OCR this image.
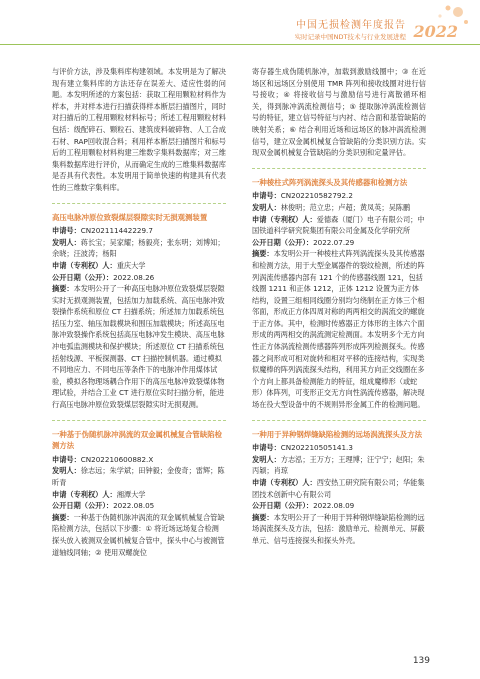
中国无损检测年度报告
实时记录中国NDT技术与行业发展进程 2022

与评价方法，涉及集料库构建领域。本发明是为了解决现有建立集料库的方法还存在误差大、适应性弱的问题。本发明所述的方案包括：获取工程用颗粒材料作为样本，并对样本进行扫描获得样本断层扫描图片，同时对扫描后的工程用颗粒材料标号；所述工程用颗粒材料包括：级配碎石、颗粒石、建筑废料破碎物、人工合成石材、RAP回收混合料；利用样本断层扫描图片和标号后的工程用颗粒材料构建三维数字集料数据库；对三维集料数据库进行评价，从而确定生成的三维集料数据库是否具有代表性。本发明用于简单快速的构建具有代表性的三维数字集料库。

高压电脉冲原位致裂煤层裂隙实时无损观测装置

申请号：CN202111442229.7

发明人：蒋长宝；吴家耀；杨毅亮；张东明；刘博知；余晓；汪波涛；杨阳

申请（专利权）人：重庆大学

公开日期（公开）：2022.08.26

摘要：本发明公开了一种高压电脉冲原位致裂煤层裂隙实时无损观测装置，包括加力加载系统、高压电脉冲致裂操作系统和原位 CT 扫描系统；所述加力加载系统包括压力室、轴压加载模块和围压加载模块；所述高压电脉冲致裂操作系统包括高压电脉冲发生模块、高压电脉冲电弧监测模块和保护模块；所述原位 CT 扫描系统包括射线源、平板探测器、CT 扫描控制机器。通过模拟不同地应力、不同电压等条件下的电脉冲作用煤体试验，模拟各物理场耦合作用下的高压电脉冲致裂煤体物理试验，并结合工业 CT 进行原位实时扫描分析，能进行高压电脉冲原位致裂煤层裂隙实时无损观测。

一种基于伪随机脉冲涡流的双金属机械复合管缺陷检测方法

申请号：CN202210600882.X

发明人：徐志远；朱学斌；田钟毅；金俊奇；雷辉；陈昕青

申请（专利权）人：湘潭大学

公开日期（公开）：2022.08.05

摘要：一种基于伪随机脉冲涡流的双金属机械复合管缺陷检测方法，包括以下步骤：① 将近场远场复合检测探头放入被测双金属机械复合管中，探头中心与被测管道轴线同轴；② 使用双螺旋位

寄存器生成伪随机脉冲，加载到激励线圈中；③ 在近场区和远场区分别使用 TMR 阵列和接收线圈对进行信号接收；④ 将接收信号与激励信号进行离散循环相关，得到脉冲涡流检测信号；⑤ 提取脉冲涡流检测信号的特征，建立信号特征与内衬、结合面和基管缺陷的映射关系；⑥ 结合利用近场和远场区的脉冲涡流检测信号，建立双金属机械复合管缺陷的分类识别方法。实现双金属机械复合管缺陷的分类识别和定量评估。

一种棱柱式阵列涡流探头及其传感器和检测方法

申请号：CN202210582792.2

发明人：林俊明；范立忠；卢超；黄凤英；吴陈鹏

申请（专利权）人：爱德森（厦门）电子有限公司；中国铁道科学研究院集团有限公司金属及化学研究所

公开日期（公开）：2022.07.29

摘要：本发明公开一种棱柱式阵列涡流探头及其传感器和检测方法，用于大型金属器件的裂纹检测，所述的阵列涡流传感器内部有 121 个的传感器线圈 121，包括线圈 1211 和正体 1212，正体 1212 设置为正方体结构，设置三组相同线圈分别均匀绕制在正方体三个相邻面，形成正方体四周对称的两两相交的涡流交的螺旋于正方体。其中，检测时传感器正方体形的主体六个面形成的两两相交的涡流测定检测面。本发明多个无方向性正方体涡流检测传感器阵列形成阵列检测探头。传感器之间形成可相对旋转和相对平移的连接结构，实现类似魔棒的阵列涡流探头结构，利用其方向正交线圈在多个方向上都具备检测能力的特征，组成魔棒形（或蛇形）体阵列，可变形正交无方向性涡流传感器，解决现场在役大型设备中的不规则异形金属工件的检测问题。

一种用于异种钢焊缝缺陷检测的远场涡流探头及方法

申请号：CN202210505141.3

发明人：方志泓；王万方；王理博；汪宁宁；赵阳；朱丙颖；肖琼

申请（专利权）人：西安热工研究院有限公司；华能集团技术创新中心有限公司

公开日期（公开）：2022.08.09

摘要：本发明公开了一种用于异种钢焊缝缺陷检测的远场涡流探头及方法，包括：激励单元、检测单元、屏蔽单元、信号连接探头和探头外壳。

139
